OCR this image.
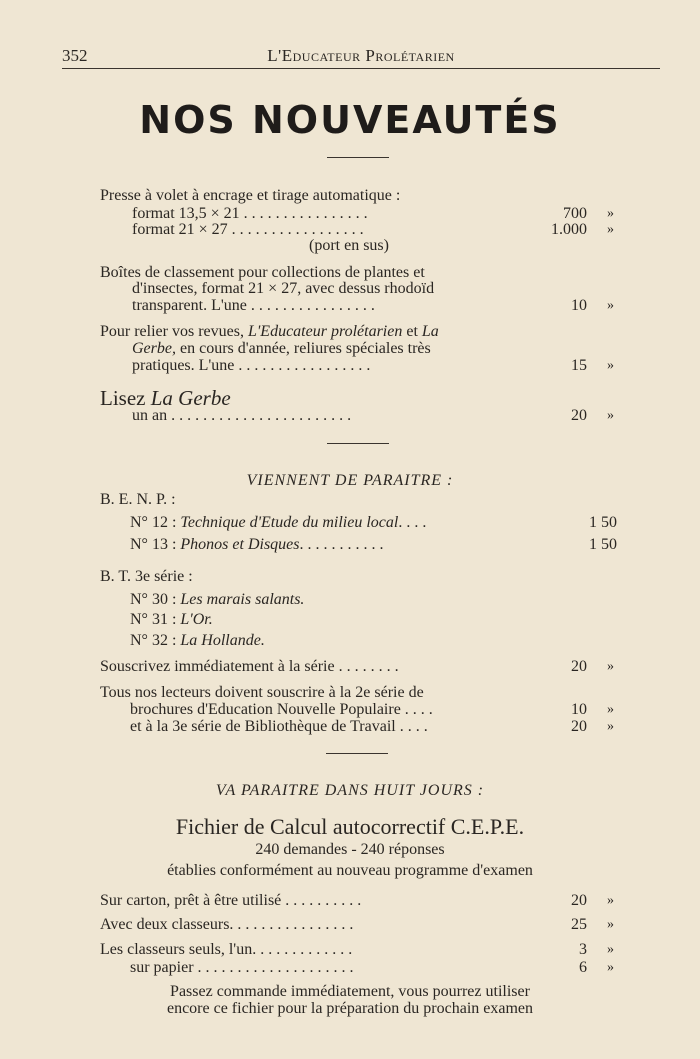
352	L'Educateur Prolétarien
NOS NOUVEAUTÉS
Presse à volet à encrage et tirage automatique :
format 13,5 × 21 . . . . . . . . . . . . . . . .	700 »
format 21 × 27 . . . . . . . . . . . . . . . . .	1.000 »
(port en sus)
Boîtes de classement pour collections de plantes et
d'insectes, format 21 × 27, avec dessus rhodoïd
transparent. L'une . . . . . . . . . . . . . . . .	10 »
Pour relier vos revues, L'Educateur prolétarien et La
Gerbe, en cours d'année, reliures spéciales très
pratiques. L'une . . . . . . . . . . . . . . . . .	15 »
Lisez La Gerbe
un an . . . . . . . . . . . . . . . . . . . . . . .	20 »
VIENNENT DE PARAITRE :
B. E. N. P. :
N° 12 : Technique d'Etude du milieu local. . . .	1 50
N° 13 : Phonos et Disques. . . . . . . . . . .	1 50
B. T. 3e série :
N° 30 : Les marais salants.
N° 31 : L'Or.
N° 32 : La Hollande.
Souscrivez immédiatement à la série . . . . . . . .	20 »
Tous nos lecteurs doivent souscrire à la 2e série de
brochures d'Education Nouvelle Populaire . . . .	10 »
et à la 3e série de Bibliothèque de Travail . . . .	20 »
VA PARAITRE DANS HUIT JOURS :
Fichier de Calcul autocorrectif C.E.P.E.
240 demandes - 240 réponses
établies conformément au nouveau programme d'examen
Sur carton, prêt à être utilisé . . . . . . . . . .	20 »
Avec deux classeurs. . . . . . . . . . . . . . . .	25 »
Les classeurs seuls, l'un. . . . . . . . . . . . .	3 »
sur papier . . . . . . . . . . . . . . . . . . . .	6 »
Passez commande immédiatement, vous pourrez utiliser
encore ce fichier pour la préparation du prochain examen
